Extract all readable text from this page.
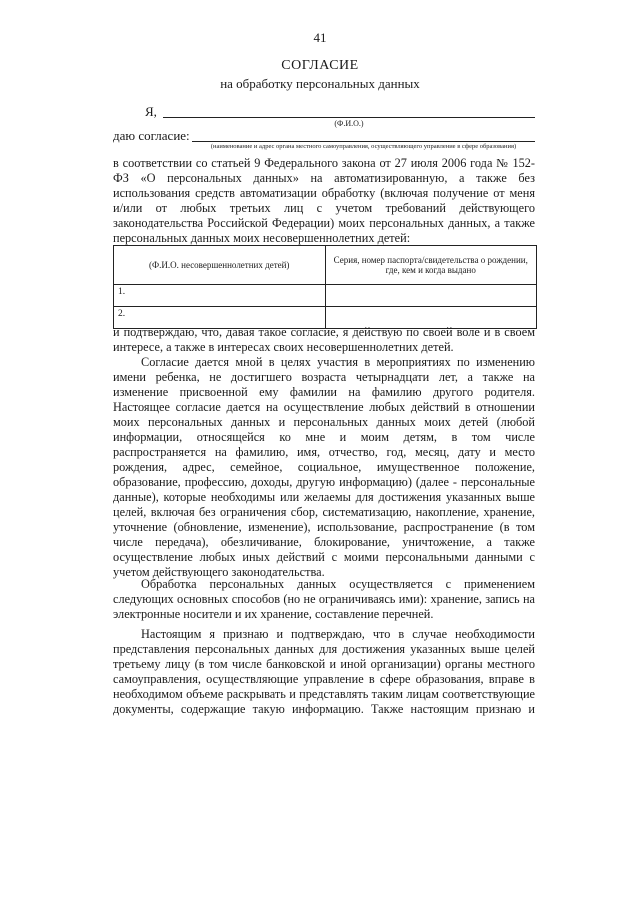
41
СОГЛАСИЕ
на обработку персональных данных
Я,
(Ф.И.О.)
даю согласие:
(наименование и адрес органа местного самоуправления, осуществляющего управление в сфере образования)
в соответствии со статьей 9 Федерального закона от 27 июля 2006 года № 152-
ФЗ «О персональных данных» на автоматизированную, а также без
использования средств автоматизации обработку (включая получение от меня
и/или от любых третьих лиц с учетом требований действующего
законодательства Российской Федерации) моих персональных данных, а также
персональных данных моих несовершеннолетних детей:
(Ф.И.О. несовершеннолетних детей)	Серия, номер паспорта/свидетельства о рождении, где, кем и когда выдано
1.	
2.	
и подтверждаю, что, давая такое согласие, я действую по своей воле и в своем
интересе, а также в интересах своих несовершеннолетних детей.
Согласие дается мной в целях участия в мероприятиях по изменению
имени ребенка, не достигшего возраста четырнадцати лет, а также на
изменение присвоенной ему фамилии на фамилию другого родителя.
Настоящее согласие дается на осуществление любых действий в отношении
моих персональных данных и персональных данных моих детей (любой
информации, относящейся ко мне и моим детям, в том числе
распространяется на фамилию, имя, отчество, год, месяц, дату и место
рождения, адрес, семейное, социальное, имущественное положение,
образование, профессию, доходы, другую информацию) (далее - персональные
данные), которые необходимы или желаемы для достижения указанных выше
целей, включая без ограничения сбор, систематизацию, накопление, хранение,
уточнение (обновление, изменение), использование, распространение (в том
числе передача), обезличивание, блокирование, уничтожение, а также
осуществление любых иных действий с моими персональными данными с
учетом действующего законодательства.
Обработка персональных данных осуществляется с применением
следующих основных способов (но не ограничиваясь ими): хранение, запись на
электронные носители и их хранение, составление перечней.
Настоящим я признаю и подтверждаю, что в случае необходимости
представления персональных данных для достижения указанных выше целей
третьему лицу (в том числе банковской и иной организации) органы местного
самоуправления, осуществляющие управление в сфере образования, вправе в
необходимом объеме раскрывать и представлять таким лицам соответствующие
документы, содержащие такую информацию. Также настоящим признаю и
